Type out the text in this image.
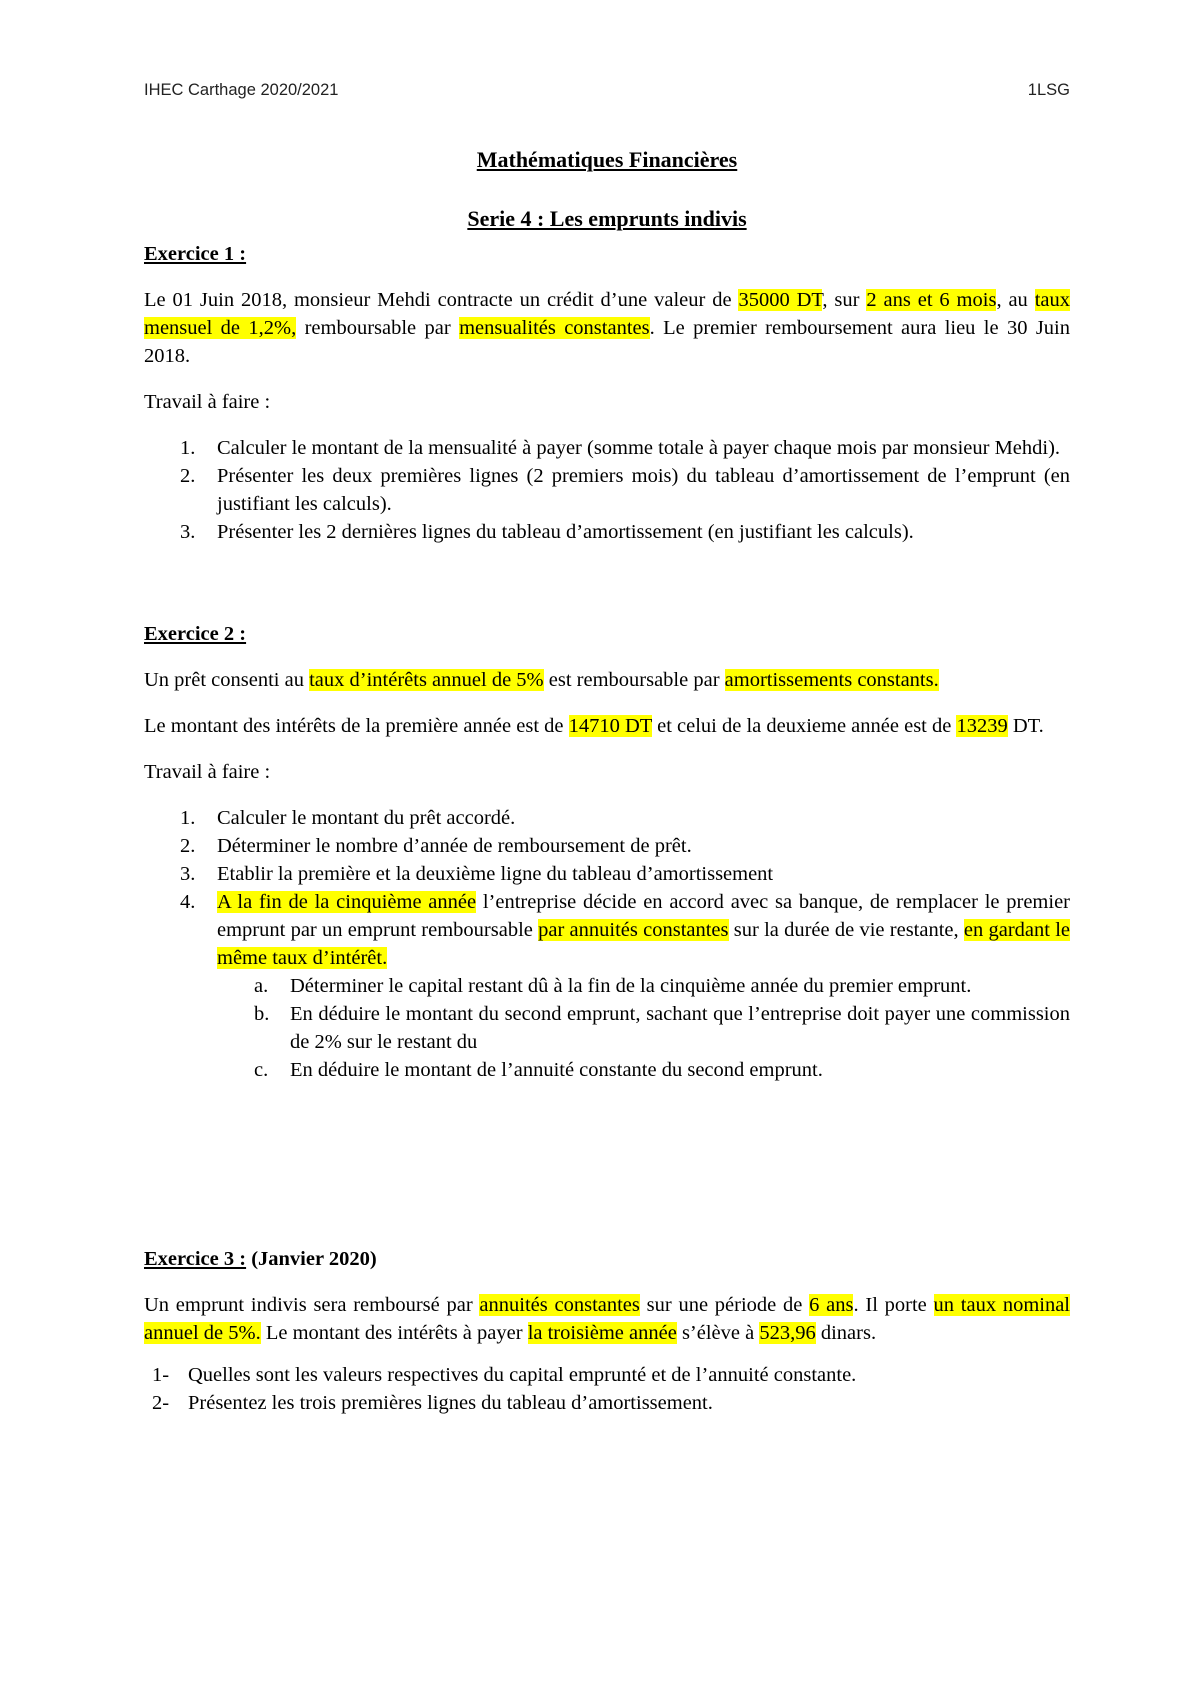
IHEC Carthage 2020/2021	1LSG
Mathématiques Financières
Serie 4 : Les emprunts indivis
Exercice 1 :

Le 01 Juin 2018, monsieur Mehdi contracte un crédit d’une valeur de 35000 DT, sur 2 ans et 6 mois, au taux mensuel de 1,2%, remboursable par mensualités constantes. Le premier remboursement aura lieu le 30 Juin 2018.

Travail à faire :

1.	Calculer le montant de la mensualité à payer (somme totale à payer chaque mois par monsieur Mehdi).
2.	Présenter les deux premières lignes (2 premiers mois) du tableau d’amortissement de l’emprunt (en justifiant les calculs).
3.	Présenter les 2 dernières lignes du tableau d’amortissement (en justifiant les calculs).
Exercice 2 :

Un prêt consenti au taux d’intérêts annuel de 5% est remboursable par amortissements constants.

Le montant des intérêts de la première année est de 14710 DT et celui de la deuxieme année est de 13239 DT.

Travail à faire :

1.	Calculer le montant du prêt accordé.
2.	Déterminer le nombre d’année de remboursement de prêt.
3.	Etablir la première et la deuxième ligne du tableau d’amortissement
4.	A la fin de la cinquième année l’entreprise décide en accord avec sa banque, de remplacer le premier emprunt par un emprunt remboursable par annuités constantes sur la durée de vie restante, en gardant le même taux d’intérêt.
a.	Déterminer le capital restant dû à la fin de la cinquième année du premier emprunt.
b.	En déduire le montant du second emprunt, sachant que l’entreprise doit payer une commission de 2% sur le restant du
c.	En déduire le montant de l’annuité constante du second emprunt.
Exercice 3 : (Janvier 2020)

Un emprunt indivis sera remboursé par annuités constantes sur une période de 6 ans. Il porte un taux nominal annuel de 5%. Le montant des intérêts à payer la troisième année s’élève à 523,96 dinars.

1- Quelles sont les valeurs respectives du capital emprunté et de l’annuité constante.
2- Présentez les trois premières lignes du tableau d’amortissement.
